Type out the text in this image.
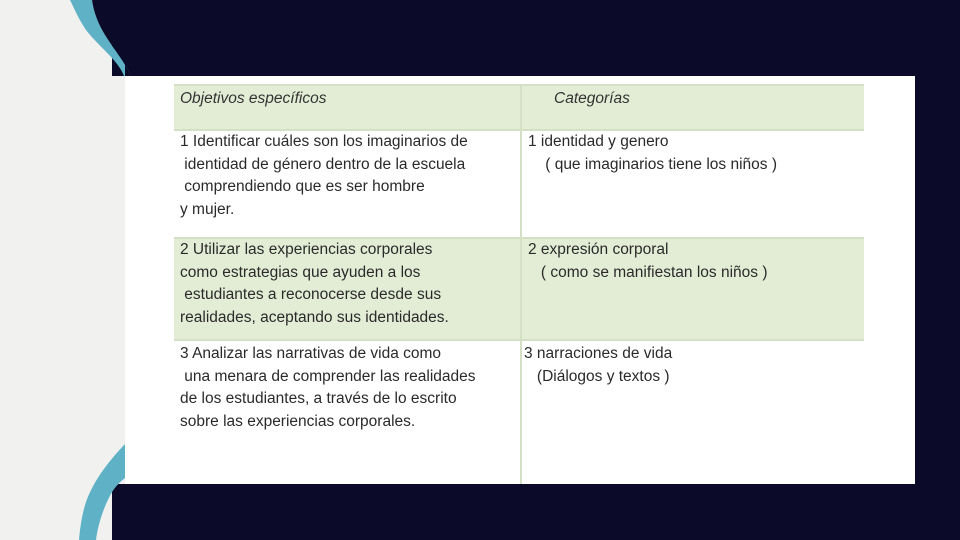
Objetivos específicos	Categorías
1 Identificar cuáles son los imaginarios de
identidad de género dentro de la escuela
comprendiendo que es ser hombre
y mujer.
1 identidad y genero
( que imaginarios tiene los niños )
2 Utilizar las experiencias corporales
como estrategias que ayuden a los
estudiantes a reconocerse desde sus
realidades, aceptando sus identidades.
2 expresión corporal
( como se manifiestan los niños )
3 Analizar las narrativas de vida como
una menara de comprender las realidades
de los estudiantes, a través de lo escrito
sobre las experiencias corporales.
3 narraciones de vida
(Diálogos y textos )
